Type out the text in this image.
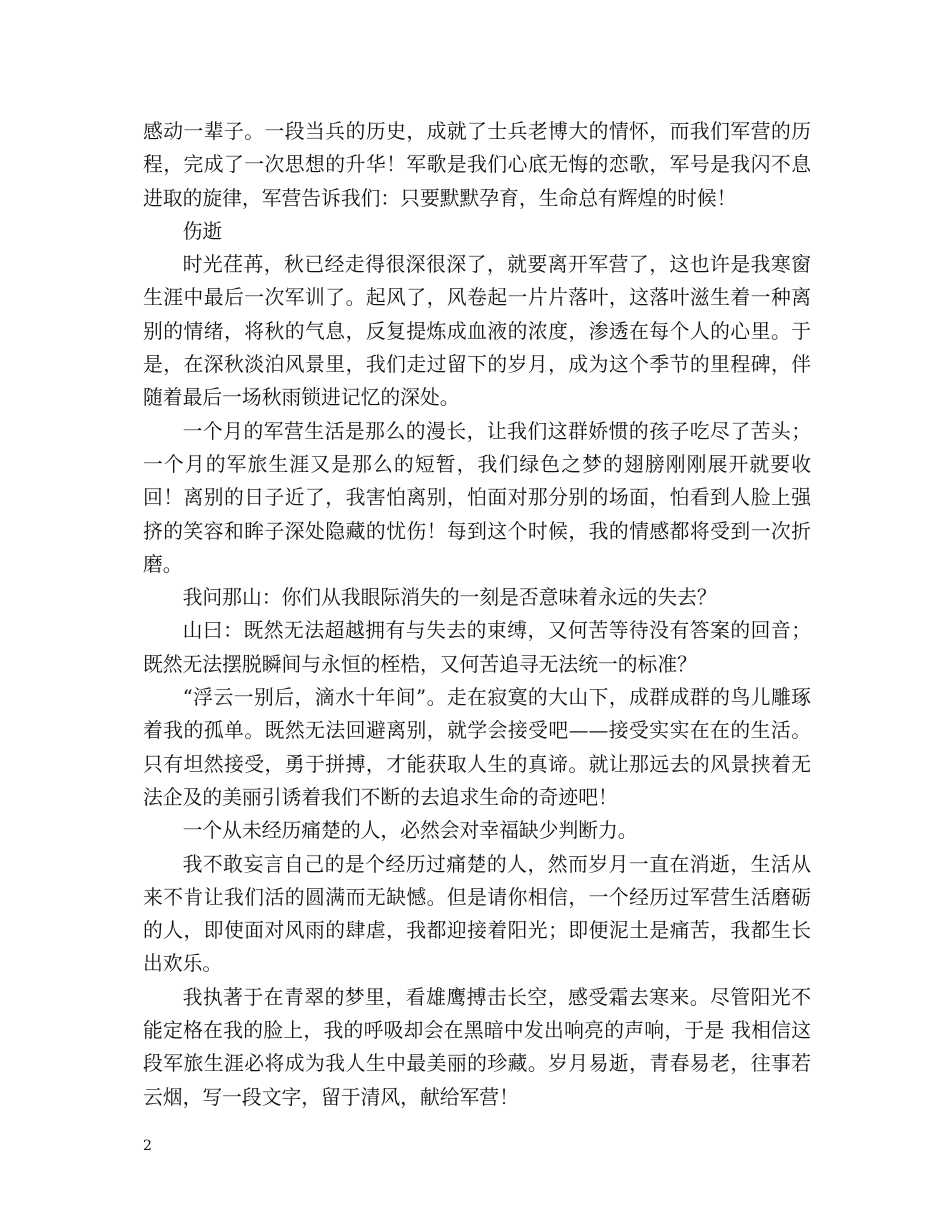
感动一辈子。一段当兵的历史，成就了士兵老博大的情怀，而我们军营的历程，完成了一次思想的升华！军歌是我们心底无悔的恋歌，军号是我闪不息进取的旋律，军营告诉我们：只要默默孕育，生命总有辉煌的时候！

伤逝

时光荏苒，秋已经走得很深很深了，就要离开军营了，这也许是我寒窗生涯中最后一次军训了。起风了，风卷起一片片落叶，这落叶滋生着一种离别的情绪，将秋的气息，反复提炼成血液的浓度，渗透在每个人的心里。于是，在深秋淡泊风景里，我们走过留下的岁月，成为这个季节的里程碑，伴随着最后一场秋雨锁进记忆的深处。

一个月的军营生活是那么的漫长，让我们这群娇惯的孩子吃尽了苦头；一个月的军旅生涯又是那么的短暂，我们绿色之梦的翅膀刚刚展开就要收回！离别的日子近了，我害怕离别，怕面对那分别的场面，怕看到人脸上强挤的笑容和眸子深处隐藏的忧伤！每到这个时候，我的情感都将受到一次折磨。

我问那山：你们从我眼际消失的一刻是否意味着永远的失去？

山曰：既然无法超越拥有与失去的束缚，又何苦等待没有答案的回音；既然无法摆脱瞬间与永恒的桎梏，又何苦追寻无法统一的标准？

“浮云一别后，滴水十年间”。走在寂寞的大山下，成群成群的鸟儿雕琢着我的孤单。既然无法回避离别，就学会接受吧——接受实实在在的生活。只有坦然接受，勇于拼搏，才能获取人生的真谛。就让那远去的风景挟着无法企及的美丽引诱着我们不断的去追求生命的奇迹吧！

一个从未经历痛楚的人，必然会对幸福缺少判断力。

我不敢妄言自己的是个经历过痛楚的人，然而岁月一直在消逝，生活从来不肯让我们活的圆满而无缺憾。但是请你相信，一个经历过军营生活磨砺的人，即使面对风雨的肆虐，我都迎接着阳光；即便泥土是痛苦，我都生长出欢乐。

我执著于在青翠的梦里，看雄鹰搏击长空，感受霜去寒来。尽管阳光不能定格在我的脸上，我的呼吸却会在黑暗中发出响亮的声响，于是 我相信这段军旅生涯必将成为我人生中最美丽的珍藏。岁月易逝，青春易老，往事若云烟，写一段文字，留于清风，献给军营！

2
